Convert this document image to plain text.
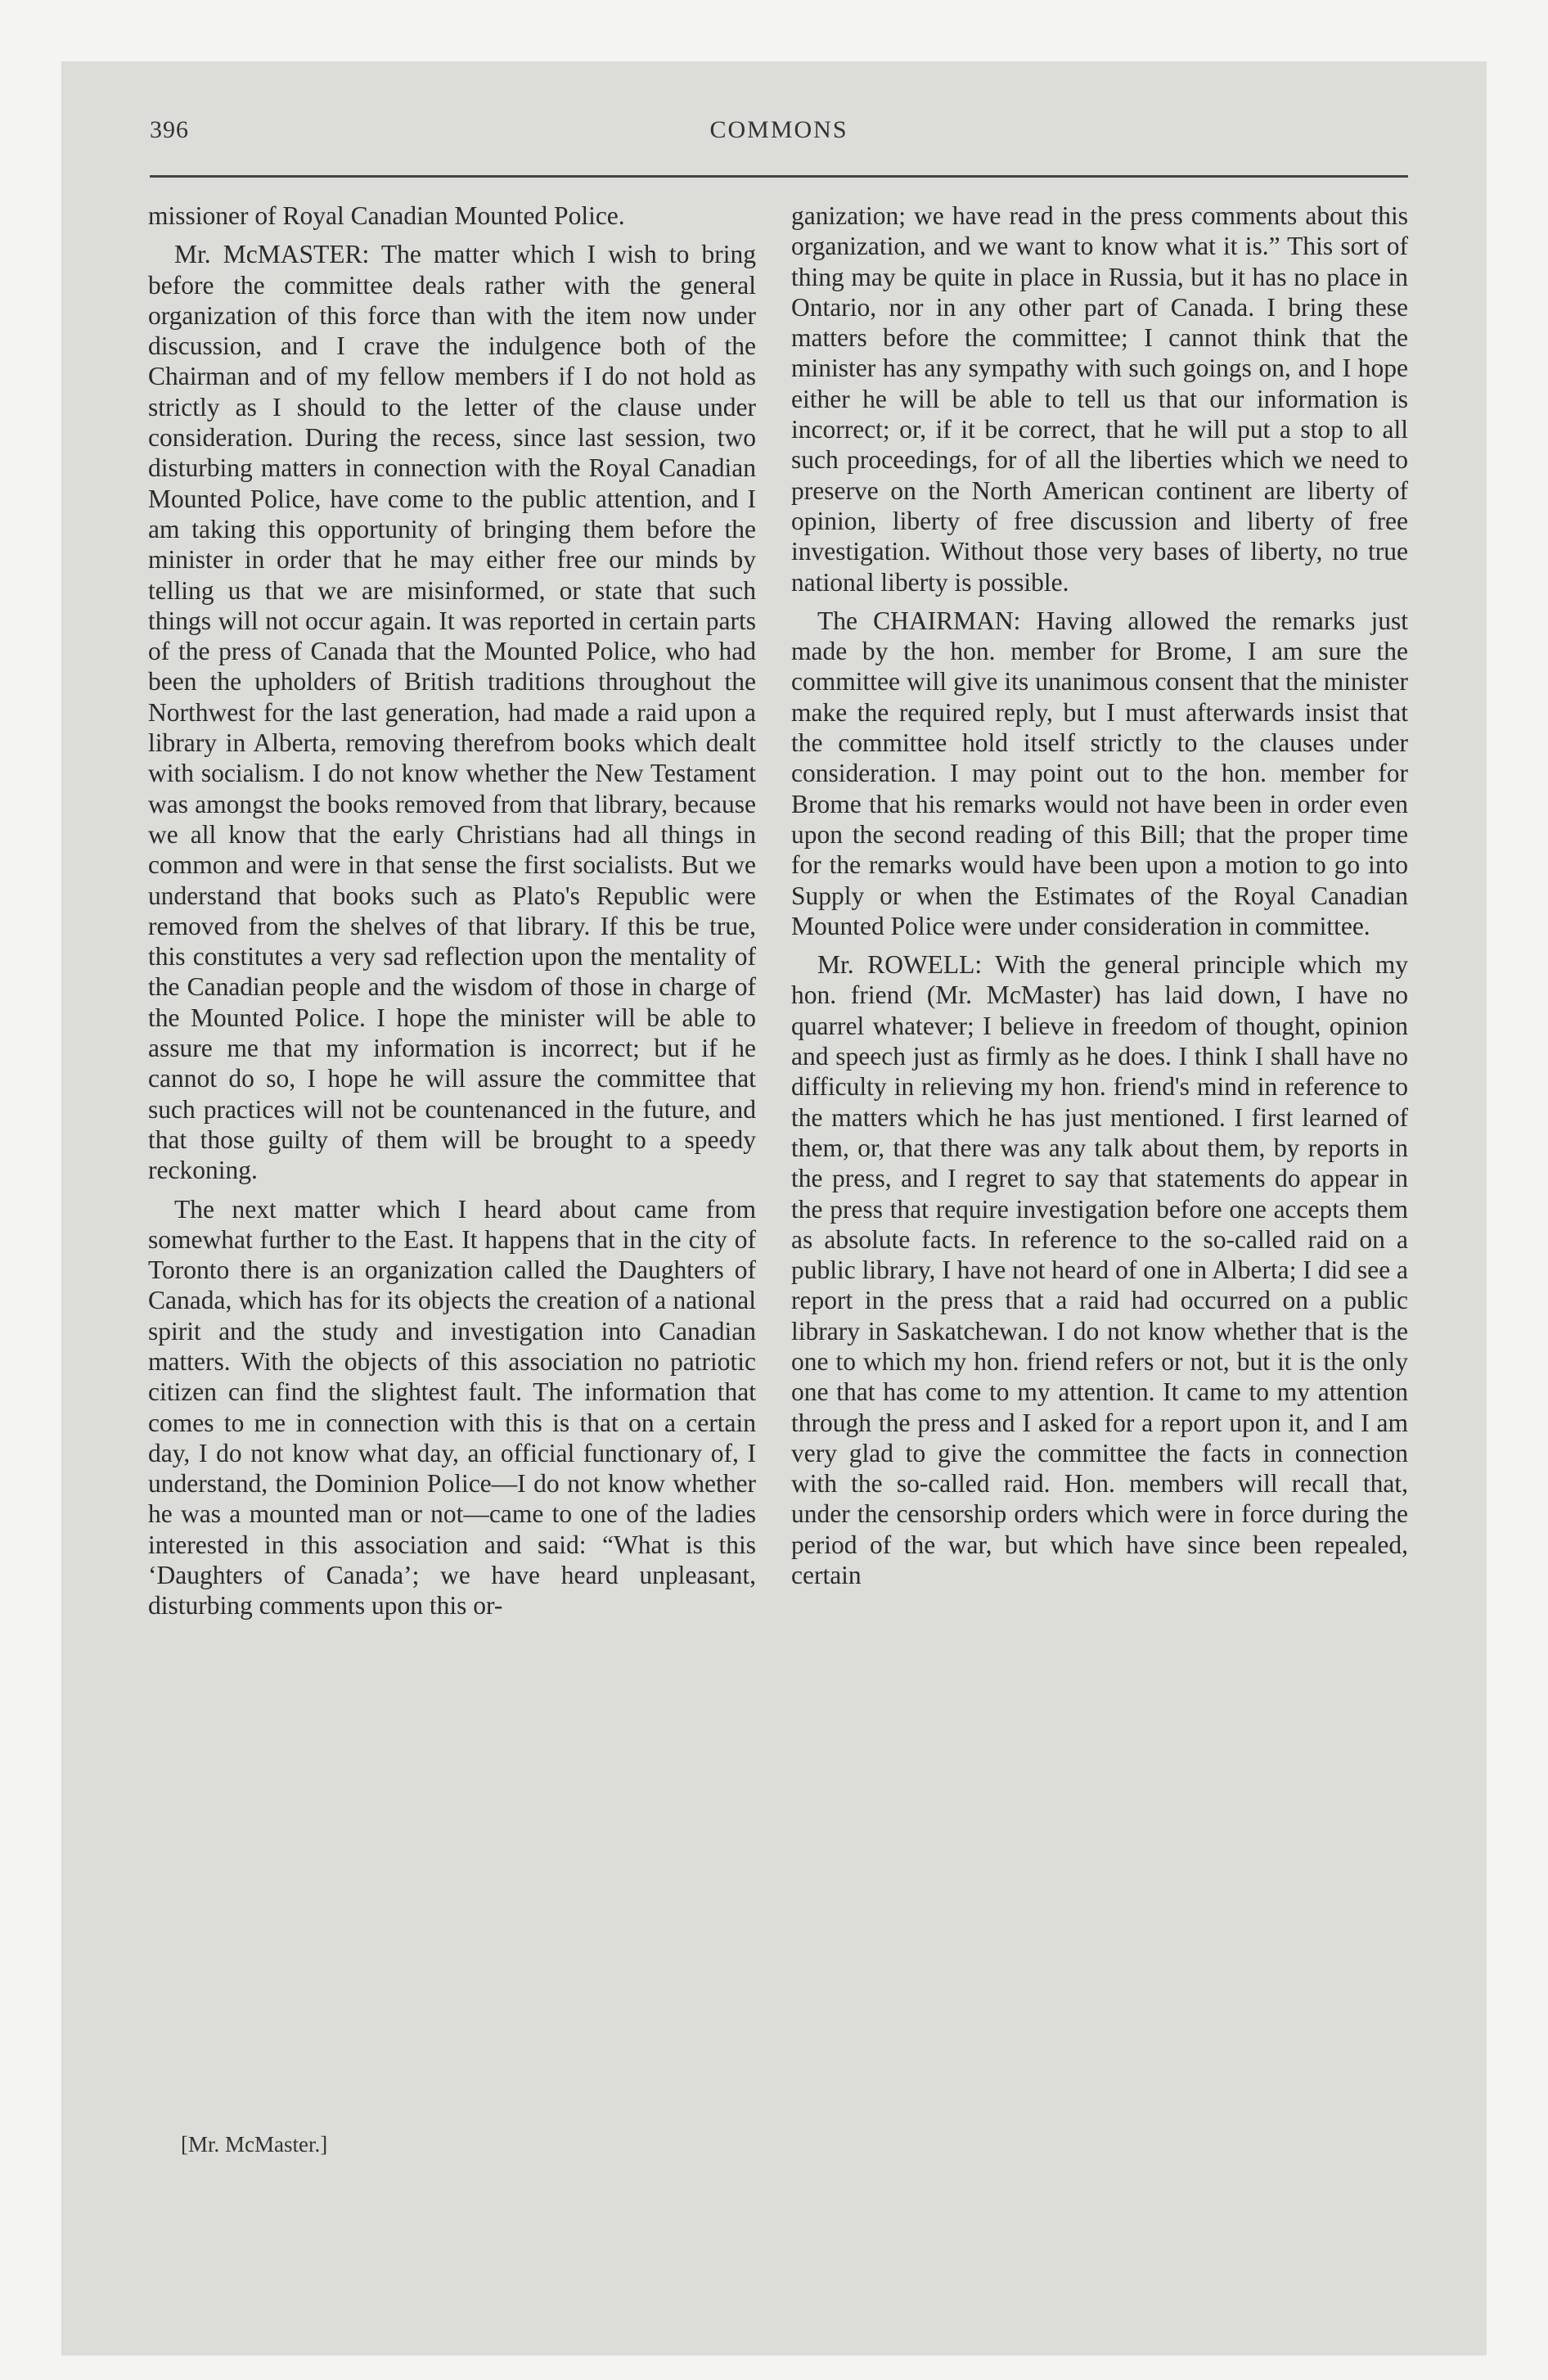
396	COMMONS

missioner of Royal Canadian Mounted Police.

Mr. McMASTER: The matter which I wish to bring before the committee deals rather with the general organization of this force than with the item now under discussion, and I crave the indulgence both of the Chairman and of my fellow members if I do not hold as strictly as I should to the letter of the clause under consideration. During the recess, since last session, two disturbing matters in connection with the Royal Canadian Mounted Police, have come to the public attention, and I am taking this opportunity of bringing them before the minister in order that he may either free our minds by telling us that we are misinformed, or state that such things will not occur again. It was reported in certain parts of the press of Canada that the Mounted Police, who had been the upholders of British traditions throughout the Northwest for the last generation, had made a raid upon a library in Alberta, removing therefrom books which dealt with socialism. I do not know whether the New Testament was amongst the books removed from that library, because we all know that the early Christians had all things in common and were in that sense the first socialists. But we understand that books such as Plato's Republic were removed from the shelves of that library. If this be true, this constitutes a very sad reflection upon the mentality of the Canadian people and the wisdom of those in charge of the Mounted Police. I hope the minister will be able to assure me that my information is incorrect; but if he cannot do so, I hope he will assure the committee that such practices will not be countenanced in the future, and that those guilty of them will be brought to a speedy reckoning.

The next matter which I heard about came from somewhat further to the East. It happens that in the city of Toronto there is an organization called the Daughters of Canada, which has for its objects the creation of a national spirit and the study and investigation into Canadian matters. With the objects of this association no patriotic citizen can find the slightest fault. The information that comes to me in connection with this is that on a certain day, I do not know what day, an official functionary of, I understand, the Dominion Police—I do not know whether he was a mounted man or not—came to one of the ladies interested in this association and said: “What is this ‘Daughters of Canada’; we have heard unpleasant, disturbing comments upon this or-

ganization; we have read in the press comments about this organization, and we want to know what it is.” This sort of thing may be quite in place in Russia, but it has no place in Ontario, nor in any other part of Canada. I bring these matters before the committee; I cannot think that the minister has any sympathy with such goings on, and I hope either he will be able to tell us that our information is incorrect; or, if it be correct, that he will put a stop to all such proceedings, for of all the liberties which we need to preserve on the North American continent are liberty of opinion, liberty of free discussion and liberty of free investigation. Without those very bases of liberty, no true national liberty is possible.

The CHAIRMAN: Having allowed the remarks just made by the hon. member for Brome, I am sure the committee will give its unanimous consent that the minister make the required reply, but I must afterwards insist that the committee hold itself strictly to the clauses under consideration. I may point out to the hon. member for Brome that his remarks would not have been in order even upon the second reading of this Bill; that the proper time for the remarks would have been upon a motion to go into Supply or when the Estimates of the Royal Canadian Mounted Police were under consideration in committee.

Mr. ROWELL: With the general principle which my hon. friend (Mr. McMaster) has laid down, I have no quarrel whatever; I believe in freedom of thought, opinion and speech just as firmly as he does. I think I shall have no difficulty in relieving my hon. friend's mind in reference to the matters which he has just mentioned. I first learned of them, or, that there was any talk about them, by reports in the press, and I regret to say that statements do appear in the press that require investigation before one accepts them as absolute facts. In reference to the so-called raid on a public library, I have not heard of one in Alberta; I did see a report in the press that a raid had occurred on a public library in Saskatchewan. I do not know whether that is the one to which my hon. friend refers or not, but it is the only one that has come to my attention. It came to my attention through the press and I asked for a report upon it, and I am very glad to give the committee the facts in connection with the so-called raid. Hon. members will recall that, under the censorship orders which were in force during the period of the war, but which have since been repealed, certain

[Mr. McMaster.]
